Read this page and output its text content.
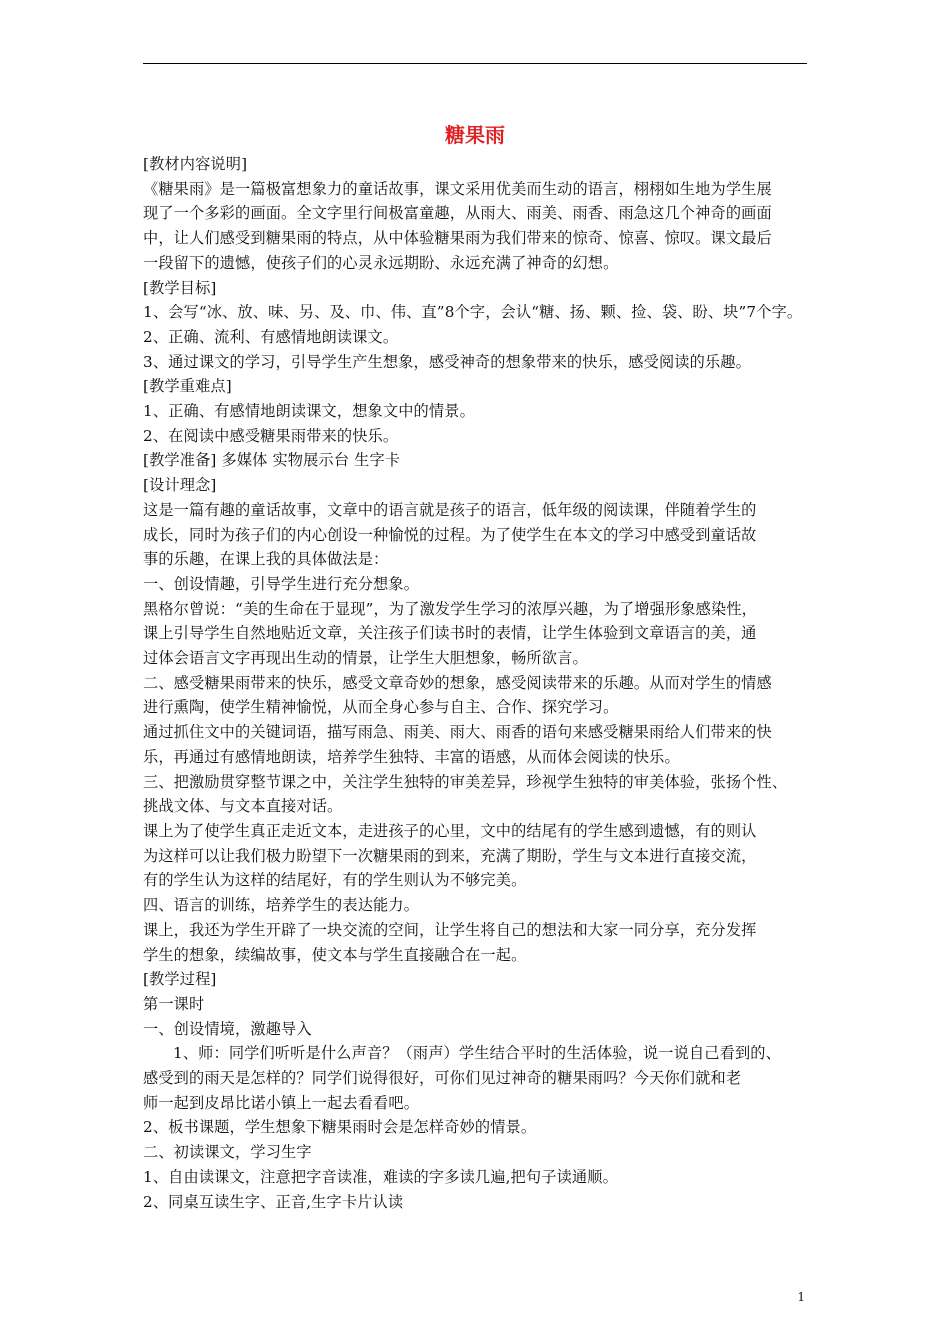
糖果雨

[教材内容说明]

《糖果雨》是一篇极富想象力的童话故事，课文采用优美而生动的语言，栩栩如生地为学生展

现了一个多彩的画面。全文字里行间极富童趣，从雨大、雨美、雨香、雨急这几个神奇的画面

中，让人们感受到糖果雨的特点，从中体验糖果雨为我们带来的惊奇、惊喜、惊叹。课文最后

一段留下的遗憾，使孩子们的心灵永远期盼、永远充满了神奇的幻想。

[教学目标]

1、会写“冰、放、味、另、及、巾、伟、直”8个字，会认“糖、扬、颗、捡、袋、盼、块”7个字。

2、正确、流利、有感情地朗读课文。

3、通过课文的学习，引导学生产生想象，感受神奇的想象带来的快乐，感受阅读的乐趣。

[教学重难点]

1、正确、有感情地朗读课文，想象文中的情景。

2、在阅读中感受糖果雨带来的快乐。

[教学准备] 多媒体 实物展示台 生字卡

[设计理念]

这是一篇有趣的童话故事，文章中的语言就是孩子的语言，低年级的阅读课，伴随着学生的

成长，同时为孩子们的内心创设一种愉悦的过程。为了使学生在本文的学习中感受到童话故

事的乐趣，在课上我的具体做法是：

一、创设情趣，引导学生进行充分想象。

黑格尔曾说：“美的生命在于显现”，为了激发学生学习的浓厚兴趣，为了增强形象感染性，

课上引导学生自然地贴近文章，关注孩子们读书时的表情，让学生体验到文章语言的美，通

过体会语言文字再现出生动的情景，让学生大胆想象，畅所欲言。

二、感受糖果雨带来的快乐，感受文章奇妙的想象，感受阅读带来的乐趣。从而对学生的情感

进行熏陶，使学生精神愉悦，从而全身心参与自主、合作、探究学习。

通过抓住文中的关键词语，描写雨急、雨美、雨大、雨香的语句来感受糖果雨给人们带来的快

乐，再通过有感情地朗读，培养学生独特、丰富的语感，从而体会阅读的快乐。

三、把激励贯穿整节课之中，关注学生独特的审美差异，珍视学生独特的审美体验，张扬个性、

挑战文体、与文本直接对话。

课上为了使学生真正走近文本，走进孩子的心里，文中的结尾有的学生感到遗憾，有的则认

为这样可以让我们极力盼望下一次糖果雨的到来，充满了期盼，学生与文本进行直接交流，

有的学生认为这样的结尾好，有的学生则认为不够完美。

四、语言的训练，培养学生的表达能力。

课上，我还为学生开辟了一块交流的空间，让学生将自己的想法和大家一同分享，充分发挥

学生的想象，续编故事，使文本与学生直接融合在一起。

[教学过程]

第一课时

一、创设情境，激趣导入

1、师：同学们听听是什么声音？（雨声）学生结合平时的生活体验，说一说自己看到的、

感受到的雨天是怎样的？同学们说得很好，可你们见过神奇的糖果雨吗？今天你们就和老

师一起到皮昂比诺小镇上一起去看看吧。

2、板书课题，学生想象下糖果雨时会是怎样奇妙的情景。

二、初读课文，学习生字

1、自由读课文，注意把字音读准，难读的字多读几遍,把句子读通顺。

2、同桌互读生字、正音,生字卡片认读

1
